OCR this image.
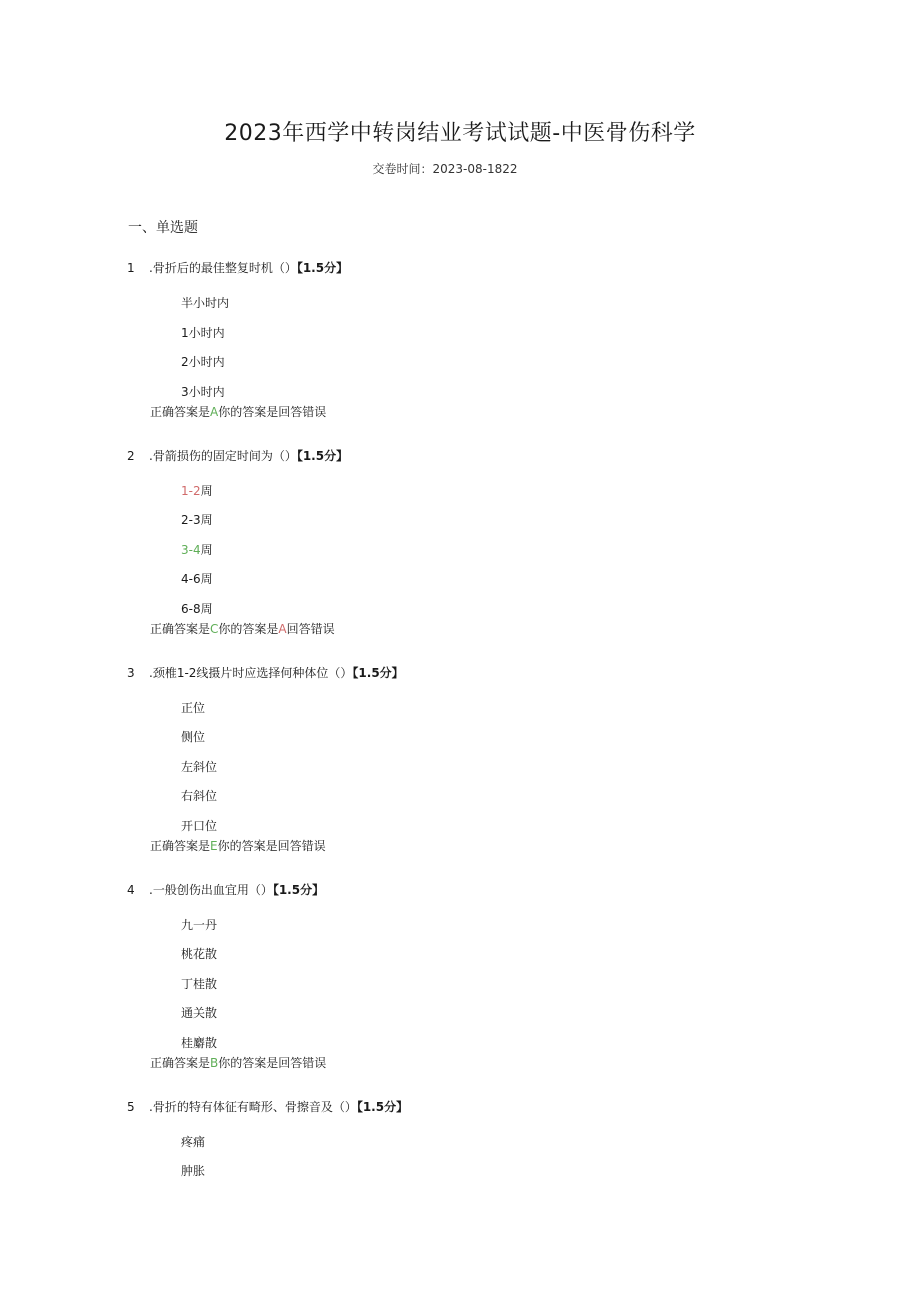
2023年西学中转岗结业考试试题-中医骨伤科学
交卷时间：2023-08-1822
一、单选题
1 .骨折后的最佳整复时机（）【1.5分】
半小时内
1小时内
2小时内
3小时内
正确答案是A你的答案是回答错误
2 .骨箭损伤的固定时间为（）【1.5分】
1-2周
2-3周
3-4周
4-6周
6-8周
正确答案是C你的答案是A回答错误
3 .颈椎1-2线摄片时应选择何种体位（）【1.5分】
正位
侧位
左斜位
右斜位
开口位
正确答案是E你的答案是回答错误
4 .一般创伤出血宜用（）【1.5分】
九一丹
桃花散
丁桂散
通关散
桂麝散
正确答案是B你的答案是回答错误
5 .骨折的特有体征有畸形、骨擦音及（）【1.5分】
疼痛
肿胀
